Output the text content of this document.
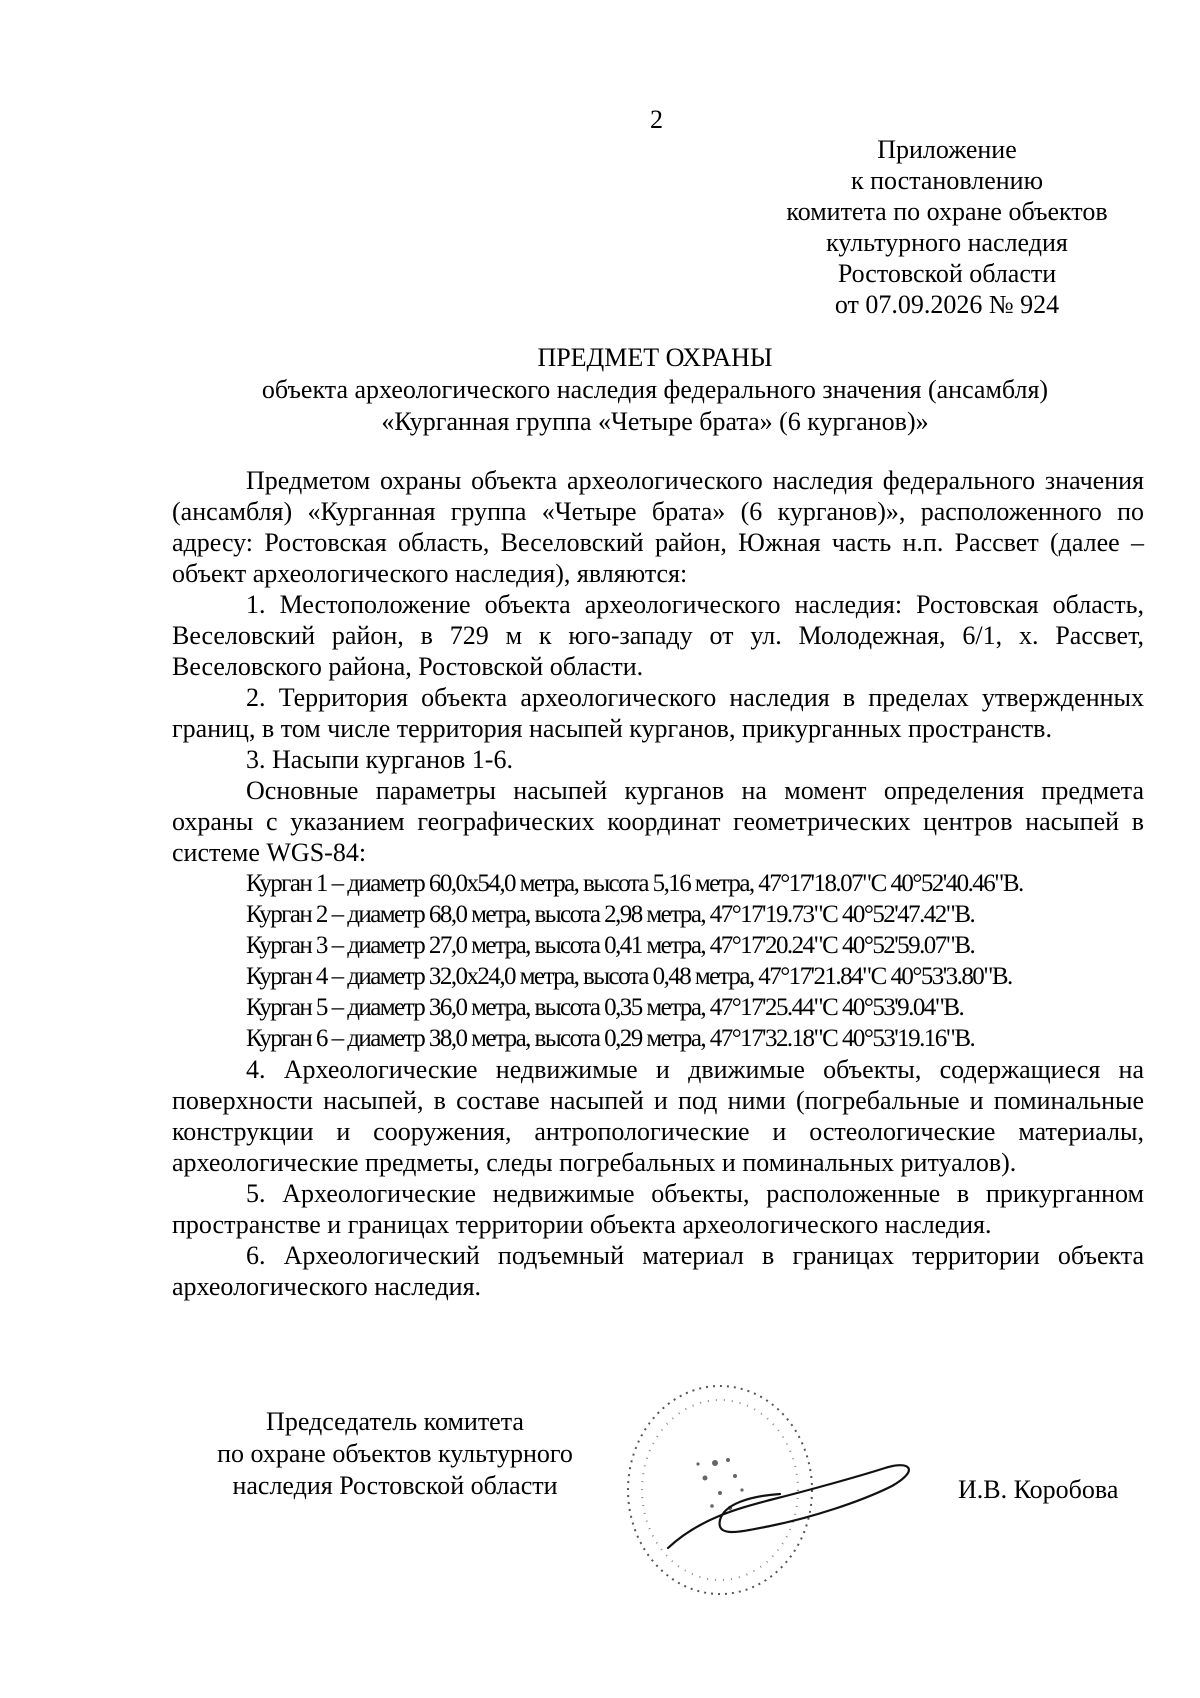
2
Приложение
к постановлению
комитета по охране объектов
культурного наследия
Ростовской области
от 07.09.2026 № 924
ПРЕДМЕТ ОХРАНЫ
объекта археологического наследия федерального значения (ансамбля)
«Курганная группа «Четыре брата» (6 курганов)»

Предметом охраны объекта археологического наследия федерального значения (ансамбля) «Курганная группа «Четыре брата» (6 курганов)», расположенного по адресу: Ростовская область, Веселовский район, Южная часть н.п. Рассвет (далее – объект археологического наследия), являются:

1. Местоположение объекта археологического наследия: Ростовская область, Веселовский район, в 729 м к юго-западу от ул. Молодежная, 6/1, х. Рассвет, Веселовского района, Ростовской области.

2. Территория объекта археологического наследия в пределах утвержденных границ, в том числе территория насыпей курганов, прикурганных пространств.

3. Насыпи курганов 1-6.

Основные параметры насыпей курганов на момент определения предмета охраны с указанием географических координат геометрических центров насыпей в системе WGS-84:

Курган 1 – диаметр 60,0х54,0 метра, высота 5,16 метра, 47°17'18.07"С 40°52'40.46"В.
Курган 2 – диаметр 68,0 метра, высота 2,98 метра, 47°17'19.73"С 40°52'47.42"В.
Курган 3 – диаметр 27,0 метра, высота 0,41 метра, 47°17'20.24"С 40°52'59.07"В.
Курган 4 – диаметр 32,0х24,0 метра, высота 0,48 метра, 47°17'21.84"С 40°53'3.80"В.
Курган 5 – диаметр 36,0 метра, высота 0,35 метра, 47°17'25.44"С 40°53'9.04"В.
Курган 6 – диаметр 38,0 метра, высота 0,29 метра, 47°17'32.18"С 40°53'19.16"В.

4. Археологические недвижимые и движимые объекты, содержащиеся на поверхности насыпей, в составе насыпей и под ними (погребальные и поминальные конструкции и сооружения, антропологические и остеологические материалы, археологические предметы, следы погребальных и поминальных ритуалов).

5. Археологические недвижимые объекты, расположенные в прикурганном пространстве и границах территории объекта археологического наследия.

6. Археологический подъемный материал в границах территории объекта археологического наследия.

Председатель комитета
по охране объектов культурного
наследия Ростовской области	И.В. Коробова
